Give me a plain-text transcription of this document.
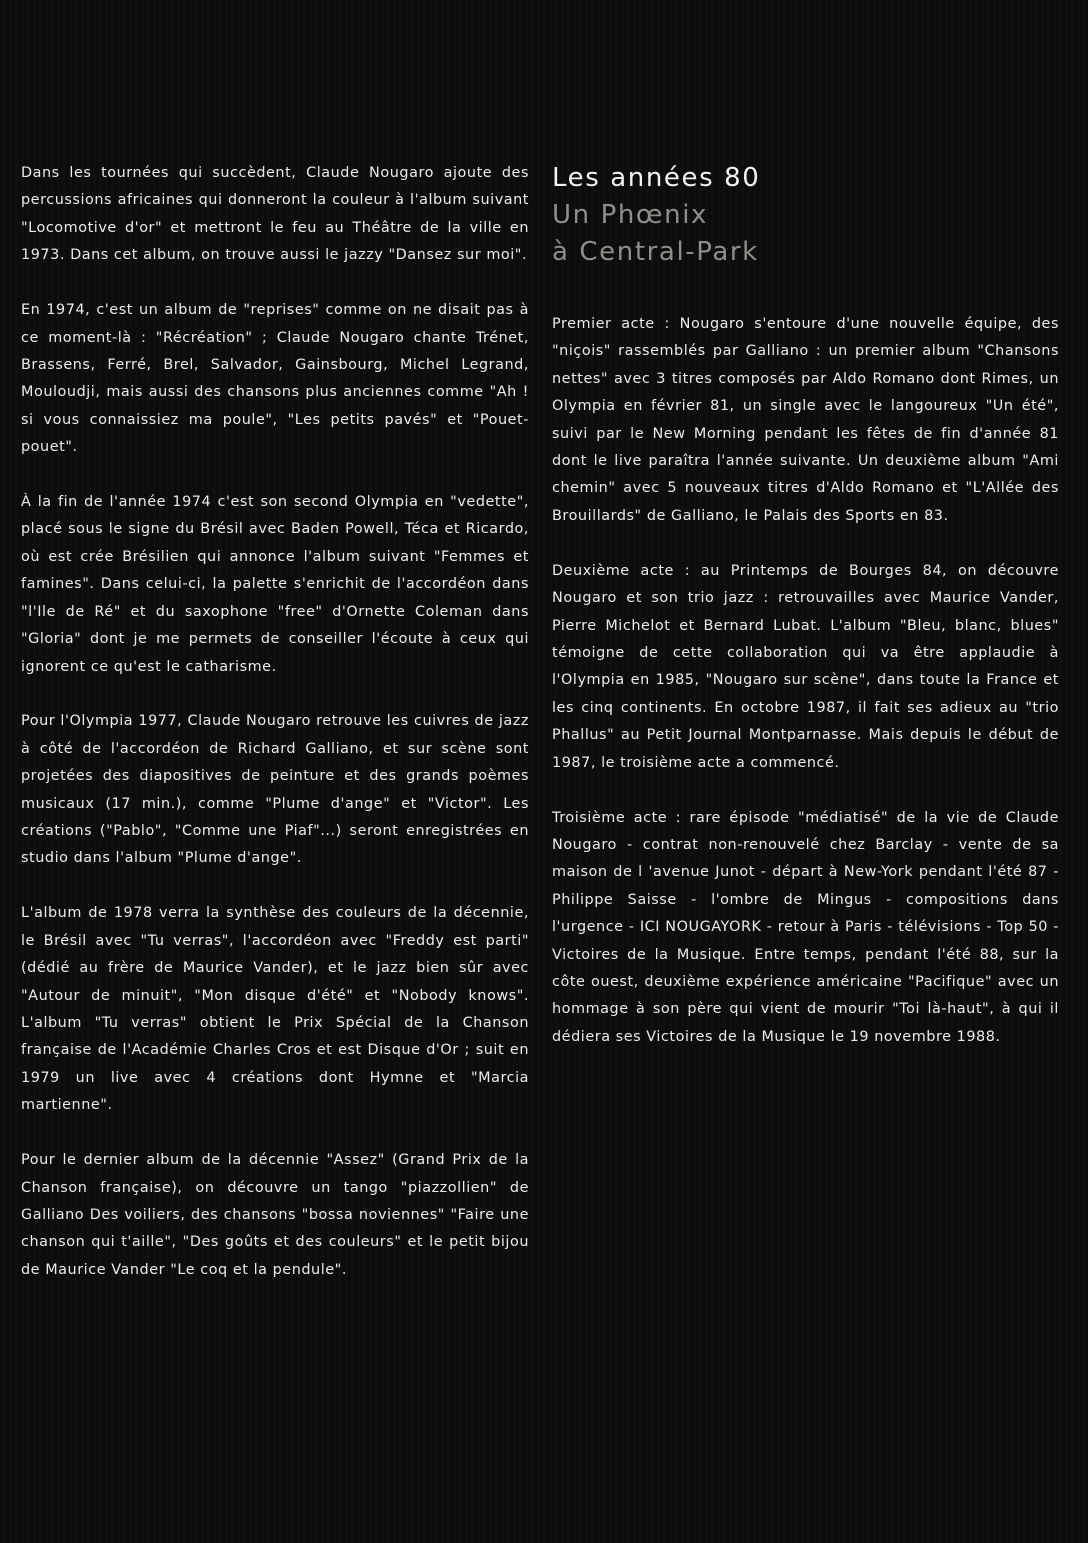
Dans les tournées qui succèdent, Claude Nougaro ajoute des percussions africaines qui donneront la couleur à l'album suivant "Locomotive d'or" et mettront le feu au Théâtre de la ville en 1973. Dans cet album, on trouve aussi le jazzy "Dansez sur moi".

En 1974, c'est un album de "reprises" comme on ne disait pas à ce moment-là : "Récréation" ; Claude Nougaro chante Trénet, Brassens, Ferré, Brel, Salvador, Gainsbourg, Michel Legrand, Mouloudji, mais aussi des chansons plus anciennes comme "Ah ! si vous connaissiez ma poule", "Les petits pavés" et "Pouet-pouet".

À la fin de l'année 1974 c'est son second Olympia en "vedette", placé sous le signe du Brésil avec Baden Powell, Téca et Ricardo, où est crée Brésilien qui annonce l'album suivant "Femmes et famines". Dans celui-ci, la palette s'enrichit de l'accordéon dans "l'Ile de Ré" et du saxophone "free" d'Ornette Coleman dans "Gloria" dont je me permets de conseiller l'écoute à ceux qui ignorent ce qu'est le catharisme.

Pour l'Olympia 1977, Claude Nougaro retrouve les cuivres de jazz à côté de l'accordéon de Richard Galliano, et sur scène sont projetées des diapositives de peinture et des grands poèmes musicaux (17 min.), comme "Plume d'ange" et "Victor". Les créations ("Pablo", "Comme une Piaf"...) seront enregistrées en studio dans l'album "Plume d'ange".

L'album de 1978 verra la synthèse des couleurs de la décennie, le Brésil avec "Tu verras", l'accordéon avec "Freddy est parti" (dédié au frère de Maurice Vander), et le jazz bien sûr avec "Autour de minuit", "Mon disque d'été" et "Nobody knows". L'album "Tu verras" obtient le Prix Spécial de la Chanson française de l'Académie Charles Cros et est Disque d'Or ; suit en 1979 un live avec 4 créations dont Hymne et "Marcia martienne".

Pour le dernier album de la décennie "Assez" (Grand Prix de la Chanson française), on découvre un tango "piazzollien" de Galliano Des voiliers, des chansons "bossa noviennes" "Faire une chanson qui t'aille", "Des goûts et des couleurs" et le petit bijou de Maurice Vander "Le coq et la pendule".

Les années 80
Un Phœnix
à Central-Park

Premier acte : Nougaro s'entoure d'une nouvelle équipe, des "niçois" rassemblés par Galliano : un premier album "Chansons nettes" avec 3 titres composés par Aldo Romano dont Rimes, un Olympia en février 81, un single avec le langoureux "Un été", suivi par le New Morning pendant les fêtes de fin d'année 81 dont le live paraîtra l'année suivante. Un deuxième album "Ami chemin" avec 5 nouveaux titres d'Aldo Romano et "L'Allée des Brouillards" de Galliano, le Palais des Sports en 83.

Deuxième acte : au Printemps de Bourges 84, on découvre Nougaro et son trio jazz : retrouvailles avec Maurice Vander, Pierre Michelot et Bernard Lubat. L'album "Bleu, blanc, blues" témoigne de cette collaboration qui va être applaudie à l'Olympia en 1985, "Nougaro sur scène", dans toute la France et les cinq continents. En octobre 1987, il fait ses adieux au "trio Phallus" au Petit Journal Montparnasse. Mais depuis le début de 1987, le troisième acte a commencé.

Troisième acte : rare épisode "médiatisé" de la vie de Claude Nougaro - contrat non-renouvelé chez Barclay - vente de sa maison de l 'avenue Junot - départ à New-York pendant l'été 87 - Philippe Saisse - l'ombre de Mingus - compositions dans l'urgence - ICI NOUGAYORK - retour à Paris - télévisions - Top 50 - Victoires de la Musique. Entre temps, pendant l'été 88, sur la côte ouest, deuxième expérience américaine "Pacifique" avec un hommage à son père qui vient de mourir "Toi là-haut", à qui il dédiera ses Victoires de la Musique le 19 novembre 1988.
